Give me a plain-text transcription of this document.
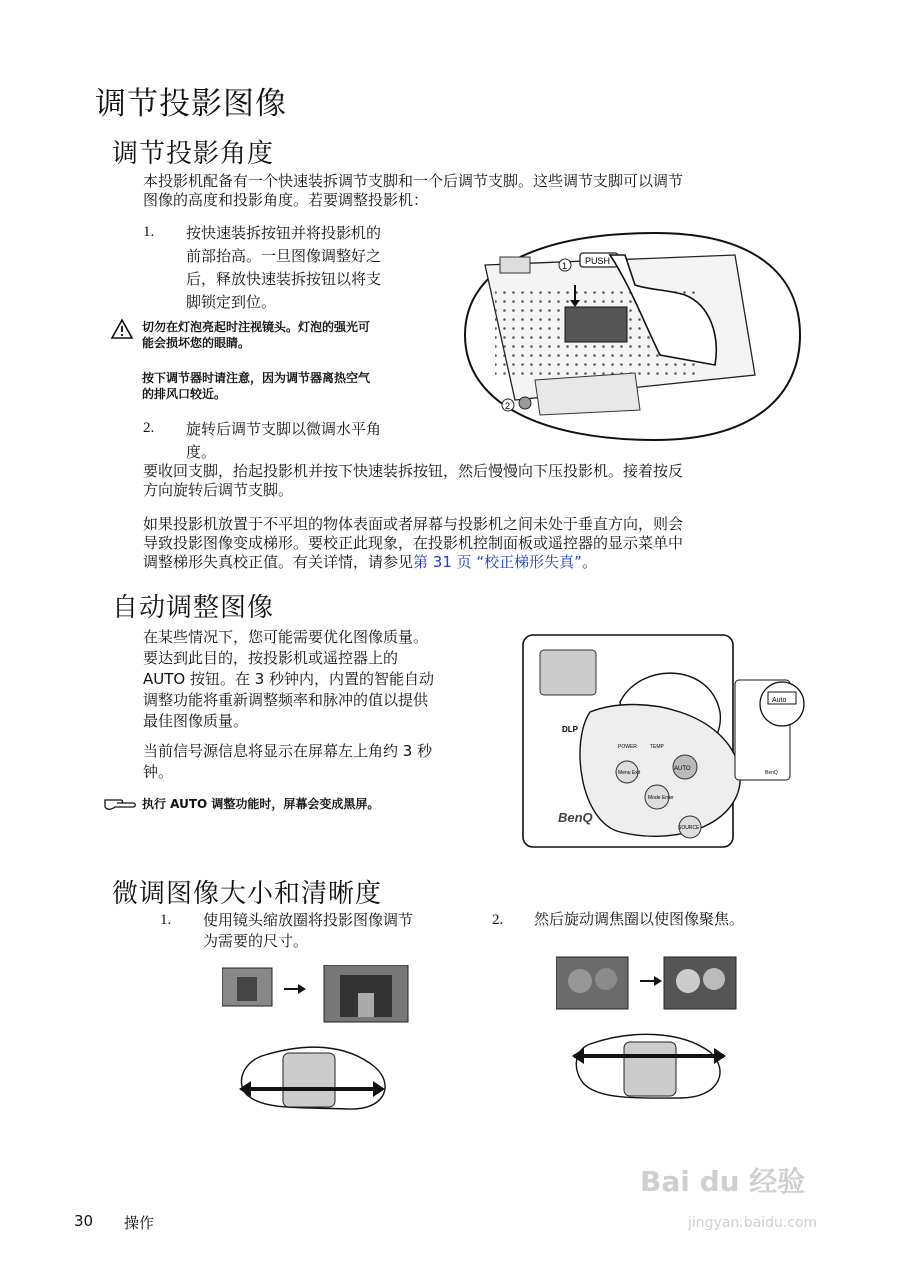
调节投影图像
调节投影角度
本投影机配备有一个快速装拆调节支脚和一个后调节支脚。这些调节支脚可以调节
图像的高度和投影角度。若要调整投影机：
1. 按快速装拆按钮并将投影机的
前部抬高。一旦图像调整好之
后，释放快速装拆按钮以将支
脚锁定到位。
切勿在灯泡亮起时注视镜头。灯泡的强光可
能会损坏您的眼睛。
按下调节器时请注意，因为调节器离热空气
的排风口较近。
2. 旋转后调节支脚以微调水平角
度。
PUSH
1
2
要收回支脚，抬起投影机并按下快速装拆按钮，然后慢慢向下压投影机。接着按反
方向旋转后调节支脚。
如果投影机放置于不平坦的物体表面或者屏幕与投影机之间未处于垂直方向，则会
导致投影图像变成梯形。要校正此现象，在投影机控制面板或遥控器的显示菜单中
调整梯形失真校正值。有关详情，请参见第 31 页 “校正梯形失真”。
自动调整图像
在某些情况下，您可能需要优化图像质量。
要达到此目的，按投影机或遥控器上的
AUTO 按钮。在 3 秒钟内，内置的智能自动
调整功能将重新调整频率和脉冲的值以提供
最佳图像质量。
当前信号源信息将显示在屏幕左上角约 3 秒
钟。
执行 AUTO 调整功能时，屏幕会变成黑屏。
BenQ
DLP
AUTO
SOURCE
POWER	TEMP
Menu Exit
Mode Enter
BenQ
Auto
微调图像大小和清晰度
1. 使用镜头缩放圈将投影图像调节
为需要的尺寸。
2. 然后旋动调焦圈以使图像聚焦。
30 操作
Bai du 经验
jingyan.baidu.com
